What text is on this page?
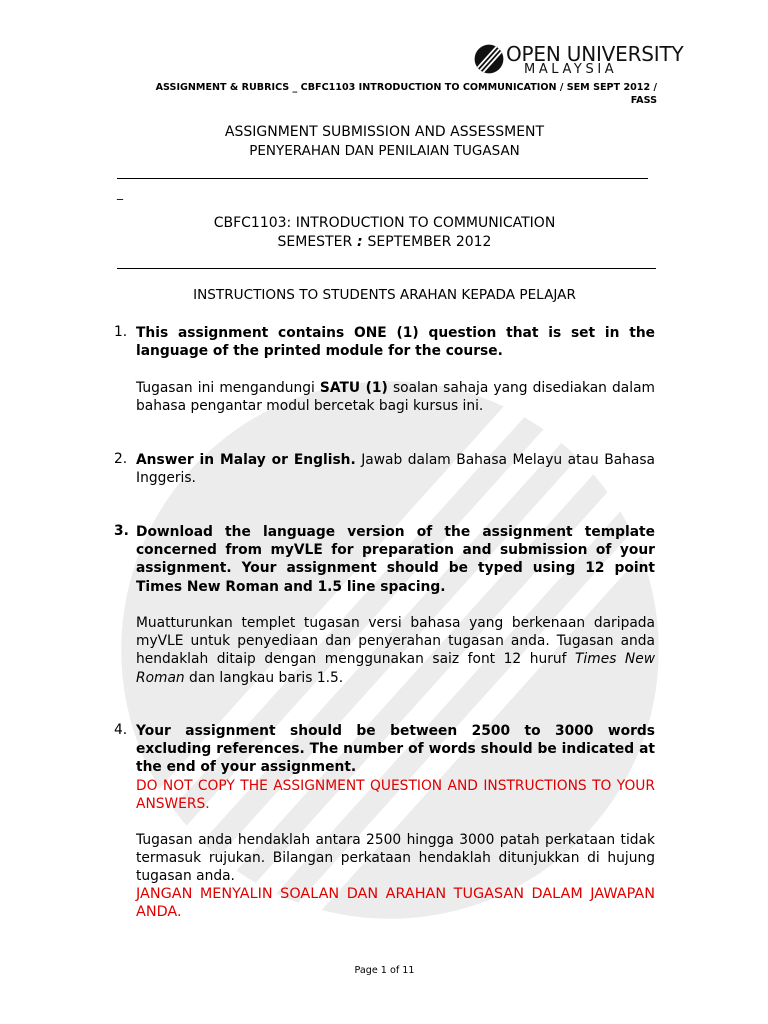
OPEN UNIVERSITY
MALAYSIA
ASSIGNMENT & RUBRICS _ CBFC1103 INTRODUCTION TO COMMUNICATION / SEM SEPT 2012 /
FASS
ASSIGNMENT SUBMISSION AND ASSESSMENT
PENYERAHAN DAN PENILAIAN TUGASAN
_
CBFC1103: INTRODUCTION TO COMMUNICATION
SEMESTER : SEPTEMBER 2012
INSTRUCTIONS TO STUDENTS ARAHAN KEPADA PELAJAR
1. This assignment contains ONE (1) question that is set in the language of the printed module for the course.
Tugasan ini mengandungi SATU (1) soalan sahaja yang disediakan dalam bahasa pengantar modul bercetak bagi kursus ini.
2. Answer in Malay or English. Jawab dalam Bahasa Melayu atau Bahasa Inggeris.
3. Download the language version of the assignment template concerned from myVLE for preparation and submission of your assignment. Your assignment should be typed using 12 point Times New Roman and 1.5 line spacing.
Muatturunkan templet tugasan versi bahasa yang berkenaan daripada myVLE untuk penyediaan dan penyerahan tugasan anda. Tugasan anda hendaklah ditaip dengan menggunakan saiz font 12 huruf Times New Roman dan langkau baris 1.5.
4. Your assignment should be between 2500 to 3000 words excluding references. The number of words should be indicated at the end of your assignment.
DO NOT COPY THE ASSIGNMENT QUESTION AND INSTRUCTIONS TO YOUR ANSWERS.
Tugasan anda hendaklah antara 2500 hingga 3000 patah perkataan tidak termasuk rujukan. Bilangan perkataan hendaklah ditunjukkan di hujung tugasan anda.
JANGAN MENYALIN SOALAN DAN ARAHAN TUGASAN DALAM JAWAPAN ANDA.
Page 1 of 11
